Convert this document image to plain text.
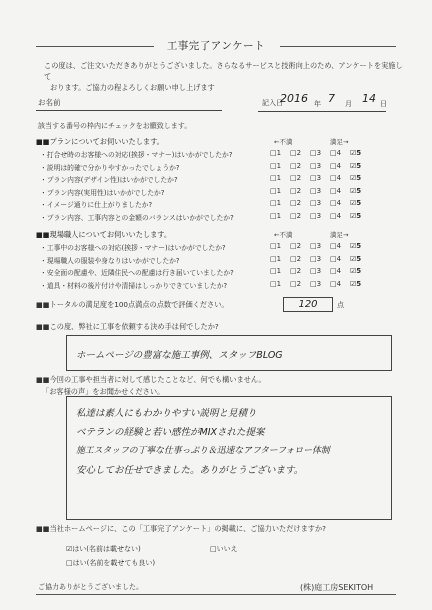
工事完了アンケート
この度は、ご注文いただきありがとうございました。さらなるサービスと技術向上のため、アンケートを実施して
おります。ご協力の程よろしくお願い申し上げます
お名前	記入日
2016 年 7 月 14 日
該当する番号の枠内にチェックをお願致します。
■■プランについてお伺いいたします。	←不満	満足→
・打合せ時のお客様への対応(挨拶・マナー)はいかがでしたか?	□1 □2 □3 □4 ☑5
・説明は的確で分かりやすかったでしょうか?	□1 □2 □3 □4 ☑5
・プラン内容(デザイン性)はいかがでしたか?	□1 □2 □3 □4 ☑5
・プラン内容(実用性)はいかがでしたか?	□1 □2 □3 □4 ☑5
・イメージ通りに仕上がりましたか?	□1 □2 □3 □4 ☑5
・プラン内容、工事内容との金額のバランスはいかがでしたか?	□1 □2 □3 □4 ☑5
■■現場職人についてお伺いいたします。	←不満	満足→
・工事中のお客様への対応(挨拶・マナー)はいかがでしたか?	□1 □2 □3 □4 ☑5
・現場職人の服装や身なりはいかがでしたか?	□1 □2 □3 □4 ☑5
・安全面の配慮や、近隣住民への配慮は行き届いていましたか?	□1 □2 □3 □4 ☑5
・道具・材料の後片付けや清掃はしっかりできていましたか?	□1 □2 □3 □4 ☑5
■■トータルの満足度を100点満点の点数で評価ください。	120	点
■■この度、弊社に工事を依頼する決め手は何でしたか?
ホームページの豊富な施工事例、スタッフBLOG
■■今回の工事や担当者に対して感じたことなど、何でも構いません。
「お客様の声」をお聞かせください。
私達は素人にもわかりやすい説明と見積り
ベテランの経験と若い感性がMIXされた提案
施工スタッフの丁寧な仕事っぷり＆迅速なアフターフォロー体制
安心してお任せできました。ありがとうございます。
■■当社ホームページに、この「工事完了アンケート」の掲載に、ご協力いただけますか?
☑はい(名前は載せない)	□いいえ
□はい(名前を載せても良い)
ご協力ありがとうございました。	(株)庭工房SEKITOH
